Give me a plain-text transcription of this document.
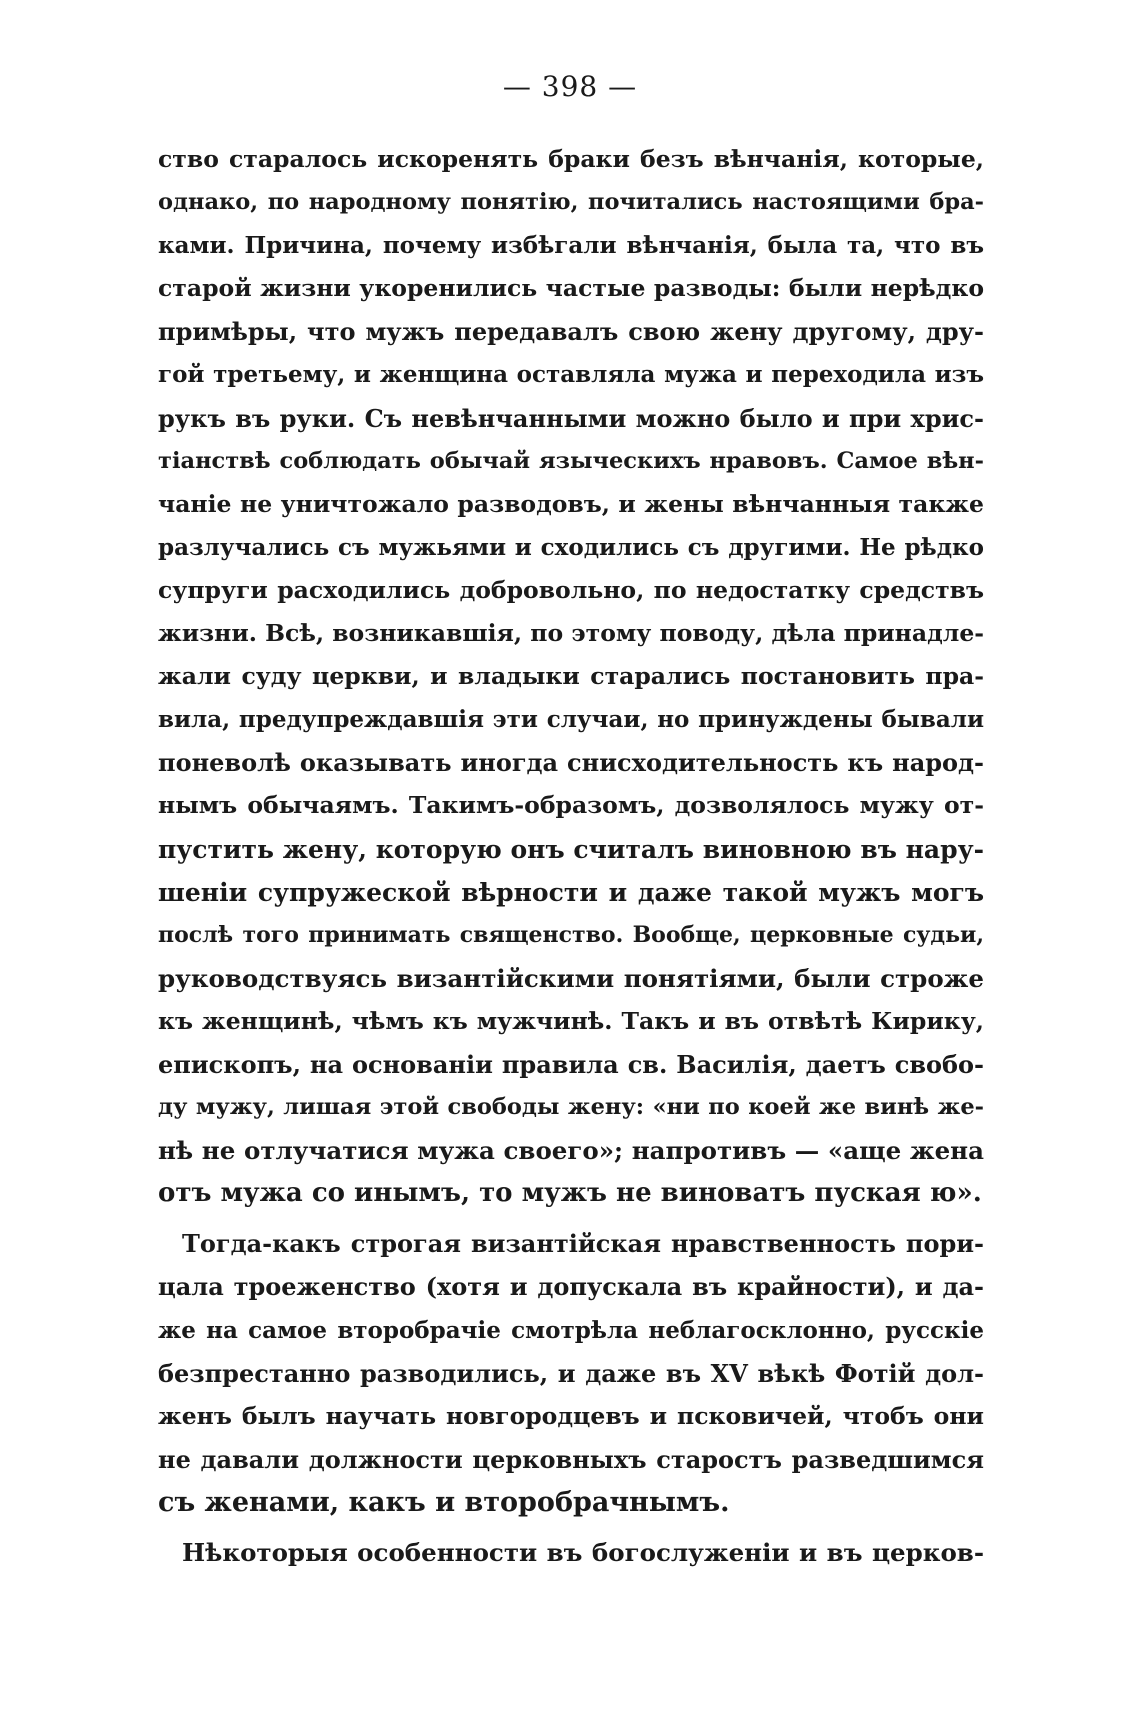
— 398 —
ство старалось искоренять браки безъ вѣнчанія, которые,
однако, по народному понятію, почитались настоящими бра-
ками. Причина, почему избѣгали вѣнчанія, была та, что въ
старой жизни укоренились частые разводы: были нерѣдко
примѣры, что мужъ передавалъ свою жену другому, дру-
гой третьему, и женщина оставляла мужа и переходила изъ
рукъ въ руки. Съ невѣнчанными можно было и при хрис-
тіанствѣ соблюдать обычай языческихъ нравовъ. Самое вѣн-
чаніе не уничтожало разводовъ, и жены вѣнчанныя также
разлучались съ мужьями и сходились съ другими. Не рѣдко
супруги расходились добровольно, по недостатку средствъ
жизни. Всѣ, возникавшія, по этому поводу, дѣла принадле-
жали суду церкви, и владыки старались постановить пра-
вила, предупреждавшія эти случаи, но принуждены бывали
поневолѣ оказывать иногда снисходительность къ народ-
нымъ обычаямъ. Такимъ-образомъ, дозволялось мужу от-
пустить жену, которую онъ считалъ виновною въ нару-
шеніи супружеской вѣрности и даже такой мужъ могъ
послѣ того принимать священство. Вообще, церковные судьи,
руководствуясь византійскими понятіями, были строже
къ женщинѣ, чѣмъ къ мужчинѣ. Такъ и въ отвѣтѣ Кирику,
епископъ, на основаніи правила св. Василія, даетъ свобо-
ду мужу, лишая этой свободы жену: «ни по коей же винѣ же-
нѣ не отлучатися мужа своего»; напротивъ — «аще жена
отъ мужа со инымъ, то мужъ не виноватъ пуская ю».
Тогда-какъ строгая византійская нравственность пори-
цала троеженство (хотя и допускала въ крайности), и да-
же на самое второбрачіе смотрѣла неблагосклонно, русскіе
безпрестанно разводились, и даже въ XV вѣкѣ Фотій дол-
женъ былъ научать новгородцевъ и псковичей, чтобъ они
не давали должности церковныхъ старостъ разведшимся
съ женами, какъ и второбрачнымъ.
Нѣкоторыя особенности въ богослуженіи и въ церков-
